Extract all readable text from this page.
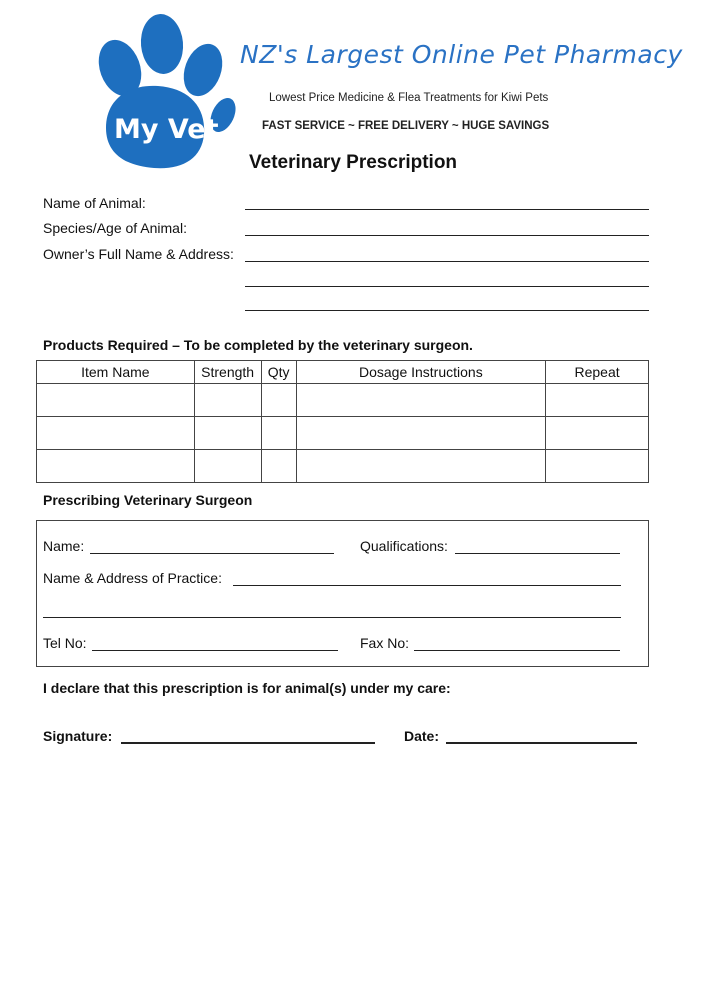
My Vet
NZ's Largest Online Pet Pharmacy
Lowest Price Medicine & Flea Treatments for Kiwi Pets
FAST SERVICE ~ FREE DELIVERY ~ HUGE SAVINGS
Veterinary Prescription
Name of Animal:
Species/Age of Animal:
Owner’s Full Name & Address:
Products Required – To be completed by the veterinary surgeon.
Item Name	Strength	Qty	Dosage Instructions	Repeat

Prescribing Veterinary Surgeon
Name:	Qualifications:
Name & Address of Practice:
Tel No:	Fax No:
I declare that this prescription is for animal(s) under my care:
Signature:	Date:
